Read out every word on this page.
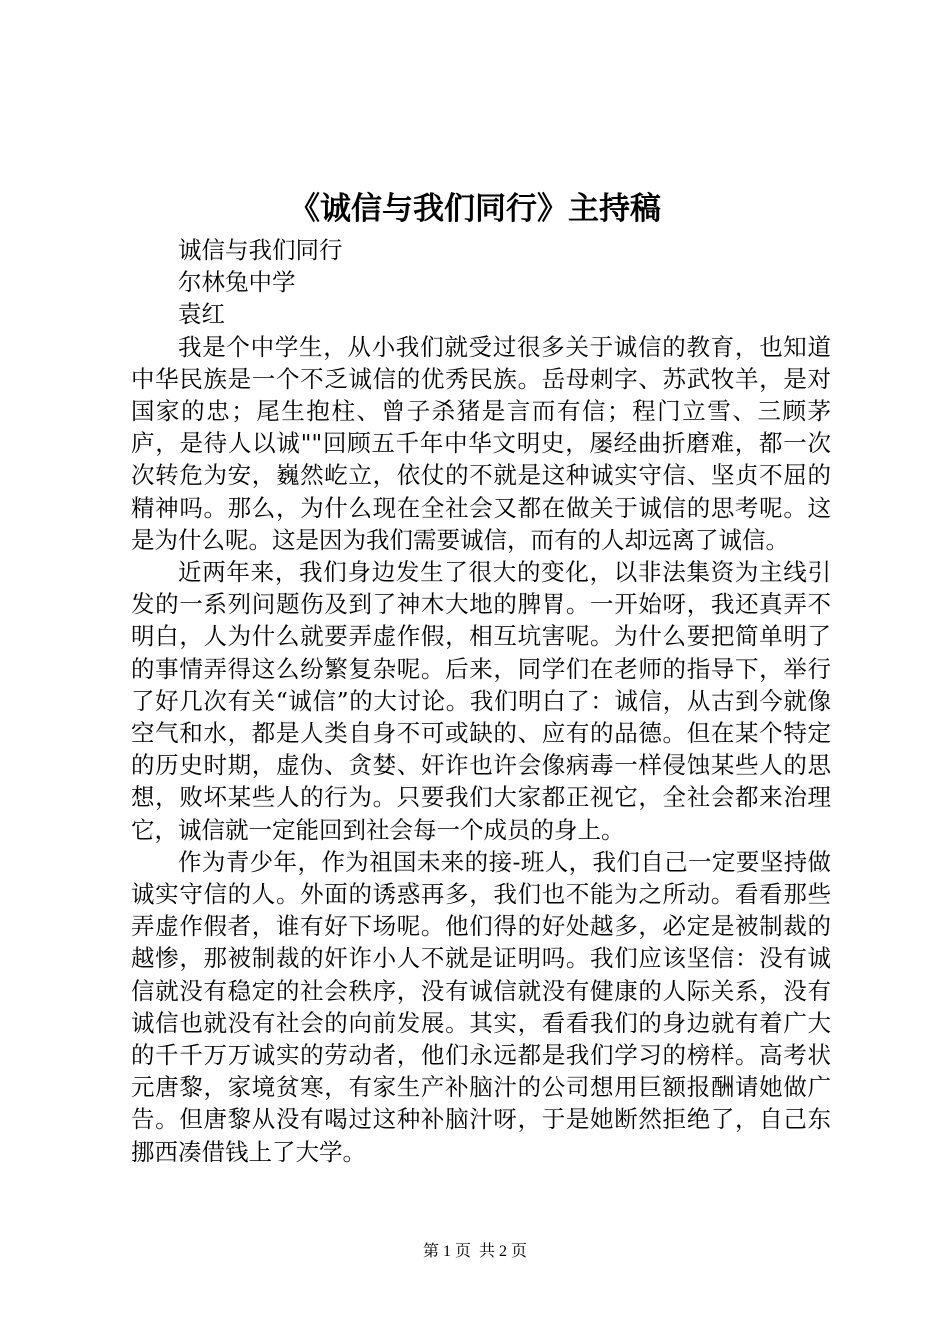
《诚信与我们同行》主持稿

诚信与我们同行

尔林兔中学

袁红

我是个中学生，从小我们就受过很多关于诚信的教育，也知道中华民族是一个不乏诚信的优秀民族。岳母刺字、苏武牧羊，是对国家的忠；尾生抱柱、曾子杀猪是言而有信；程门立雪、三顾茅庐，是待人以诚""回顾五千年中华文明史，屡经曲折磨难，都一次次转危为安，巍然屹立，依仗的不就是这种诚实守信、坚贞不屈的精神吗。那么，为什么现在全社会又都在做关于诚信的思考呢。这是为什么呢。这是因为我们需要诚信，而有的人却远离了诚信。

近两年来，我们身边发生了很大的变化，以非法集资为主线引发的一系列问题伤及到了神木大地的脾胃。一开始呀，我还真弄不明白，人为什么就要弄虚作假，相互坑害呢。为什么要把简单明了的事情弄得这么纷繁复杂呢。后来，同学们在老师的指导下，举行了好几次有关“诚信”的大讨论。我们明白了：诚信，从古到今就像空气和水，都是人类自身不可或缺的、应有的品德。但在某个特定的历史时期，虚伪、贪婪、奸诈也许会像病毒一样侵蚀某些人的思想，败坏某些人的行为。只要我们大家都正视它，全社会都来治理它，诚信就一定能回到社会每一个成员的身上。

作为青少年，作为祖国未来的接-班人，我们自己一定要坚持做诚实守信的人。外面的诱惑再多，我们也不能为之所动。看看那些弄虚作假者，谁有好下场呢。他们得的好处越多，必定是被制裁的越惨，那被制裁的奸诈小人不就是证明吗。我们应该坚信：没有诚信就没有稳定的社会秩序，没有诚信就没有健康的人际关系，没有诚信也就没有社会的向前发展。其实，看看我们的身边就有着广大的千千万万诚实的劳动者，他们永远都是我们学习的榜样。高考状元唐黎，家境贫寒，有家生产补脑汁的公司想用巨额报酬请她做广告。但唐黎从没有喝过这种补脑汁呀，于是她断然拒绝了，自己东挪西凑借钱上了大学。

第 1 页  共 2 页
